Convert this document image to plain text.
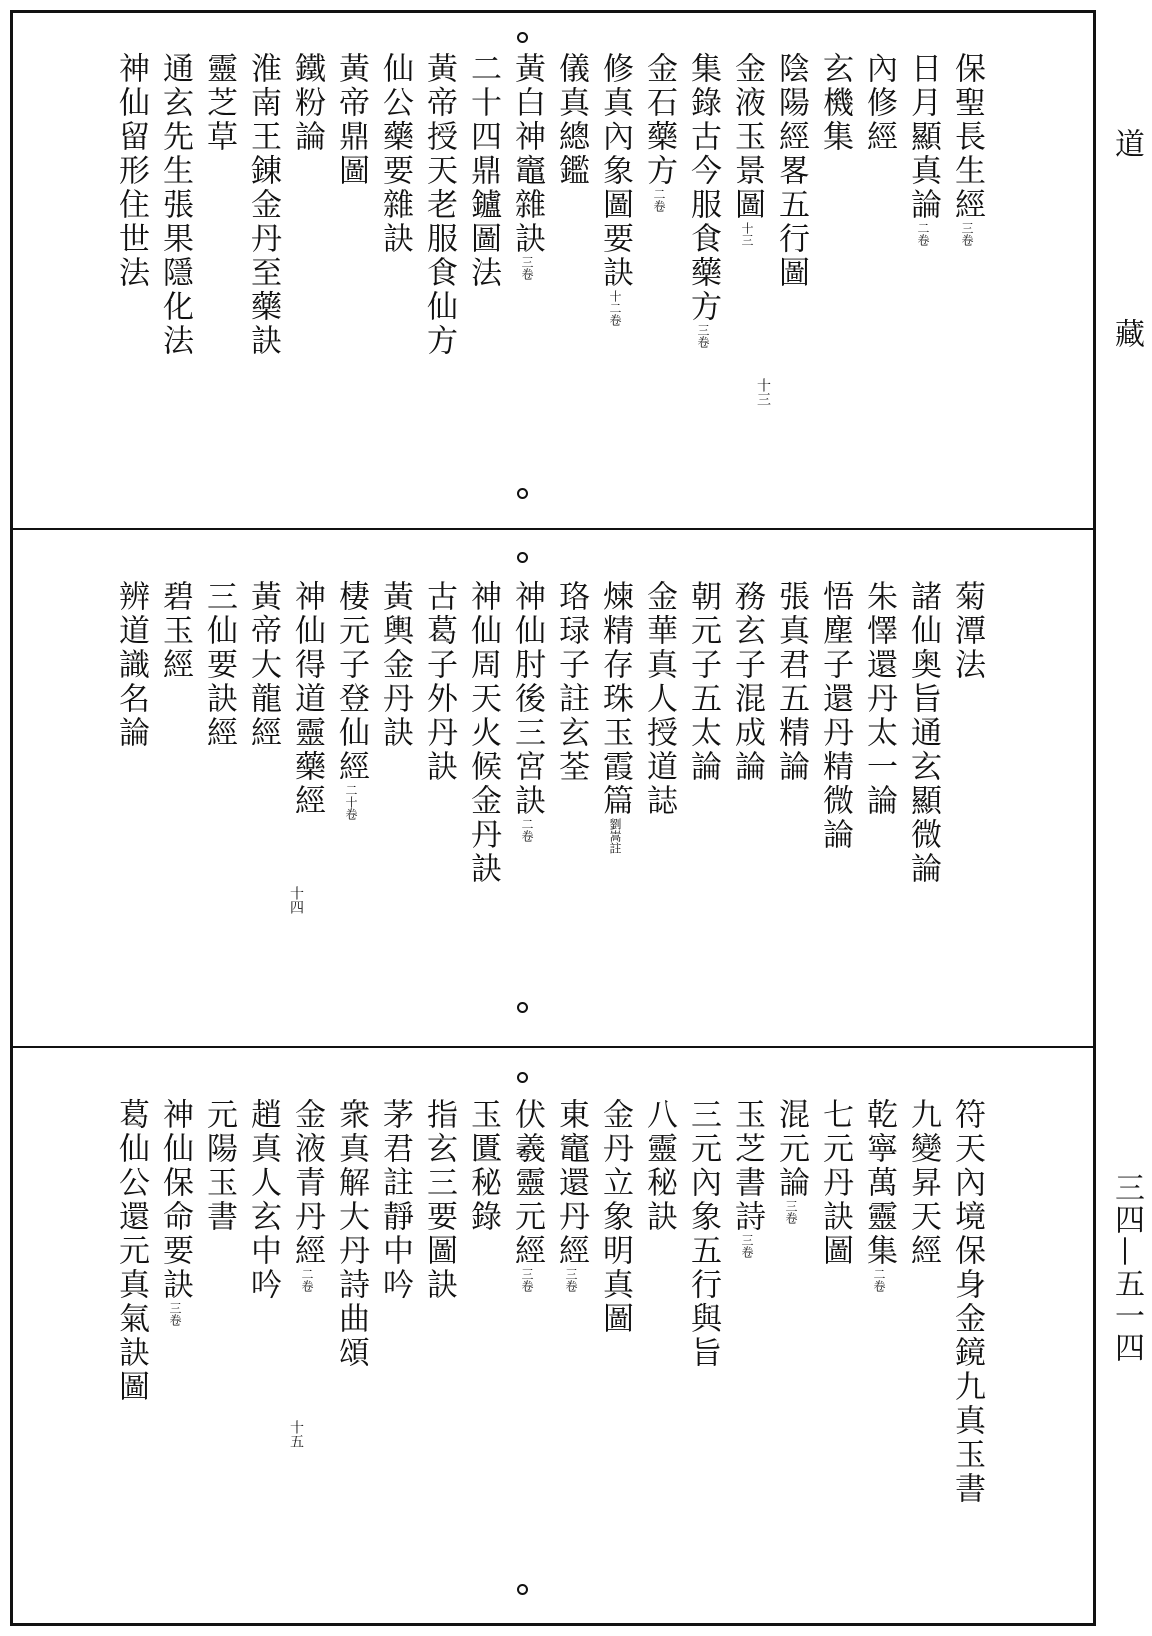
道
藏
三四—五一四
十三
保聖長生經三卷
日月顯真論二卷
內修經
玄機集
陰陽經畧五行圖
金液玉景圖十三
集錄古今服食藥方三卷
金石藥方二卷
修真內象圖要訣十二卷
儀真總鑑
黃白神竈雜訣三卷
二十四鼎鑪圖法
黃帝授天老服食仙方
仙公藥要雜訣
黃帝鼎圖
鐵粉論
淮南王錬金丹至藥訣
靈芝草
通玄先生張果隱化法
神仙留形住世法
十四
菊潭法
諸仙奥旨通玄顯微論
朱懌還丹太一論
悟塵子還丹精微論
張真君五精論
務玄子混成論
朝元子五太論
金華真人授道誌
煉精存珠玉霞篇劉嵩註
珞琭子註玄荃
神仙肘後三宮訣二卷
神仙周天火候金丹訣
古葛子外丹訣
黃輿金丹訣
棲元子登仙經二十卷
神仙得道靈藥經
黃帝大龍經
三仙要訣經
碧玉經
辨道識名論
十五	符天內境保身金鏡九真玉書
九變昇天經
乾寧萬靈集二卷
七元丹訣圖
混元論三卷
玉芝書詩三卷
三元內象五行與旨
八靈秘訣
金丹立象明真圖
東竈還丹經三卷
伏羲靈元經三卷
玉匱秘錄
指玄三要圖訣
茅君註靜中吟
衆真解大丹詩曲頌
金液青丹經二卷
趙真人玄中吟
元陽玉書
神仙保命要訣三卷
葛仙公還元真氣訣圖
